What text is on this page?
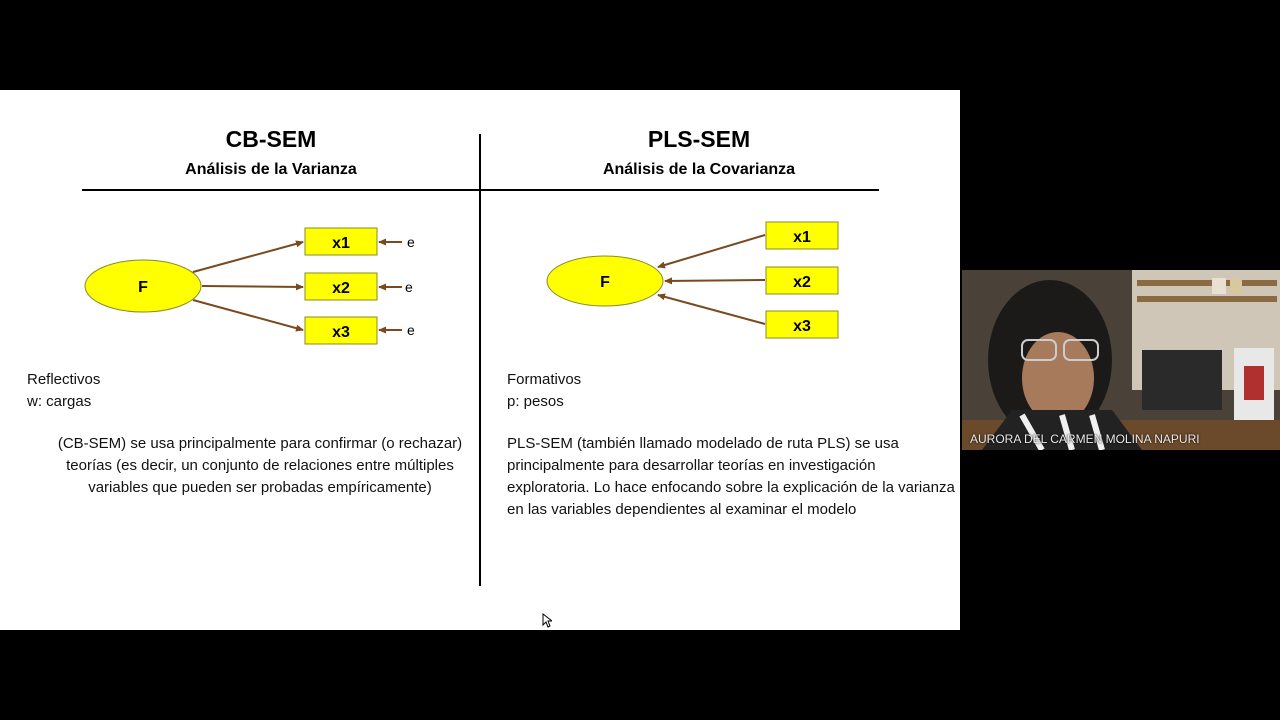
CB-SEM
Análisis de la Varianza
PLS-SEM
Análisis de la Covarianza
F
x1
x2
x3
e
e
e
F
x1
x2
x3
Reflectivos
w: cargas
(CB-SEM) se usa principalmente para confirmar (o rechazar) teorías (es decir, un conjunto de relaciones entre múltiples variables que pueden ser probadas empíricamente)
Formativos
p: pesos
PLS-SEM (también llamado modelado de ruta PLS) se usa principalmente para desarrollar teorías en investigación exploratoria. Lo hace enfocando sobre la explicación de la varianza en las variables dependientes al examinar el modelo
AURORA DEL CARMEN MOLINA NAPURI
